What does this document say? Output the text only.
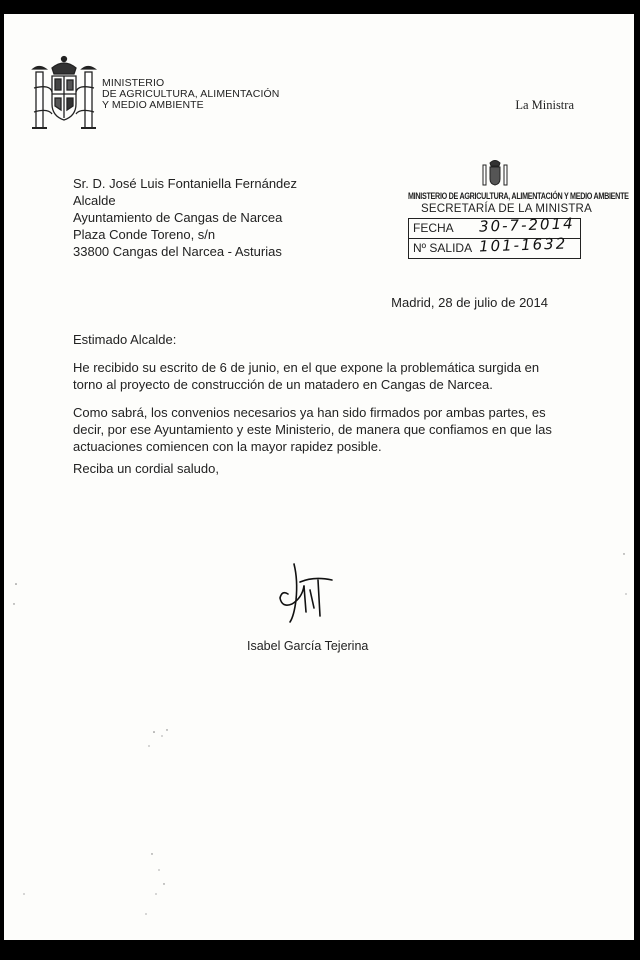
MINISTERIO
DE AGRICULTURA, ALIMENTACIÓN
Y MEDIO AMBIENTE	La Ministra
Sr. D. José Luis Fontaniella Fernández
Alcalde
Ayuntamiento de Cangas de Narcea
Plaza Conde Toreno, s/n
33800 Cangas del Narcea - Asturias
MINISTERIO DE AGRICULTURA, ALIMENTACIÓN Y MEDIO AMBIENTE
SECRETARÍA DE LA MINISTRA
FECHA 30-7-2014
Nº SALIDA 101-1632
Madrid, 28 de julio de 2014
Estimado Alcalde:
He recibido su escrito de 6 de junio, en el que expone la problemática surgida en torno al proyecto de construcción de un matadero en Cangas de Narcea.
Como sabrá, los convenios necesarios ya han sido firmados por ambas partes, es decir, por ese Ayuntamiento y este Ministerio, de manera que confiamos en que las actuaciones comiencen con la mayor rapidez posible.
Reciba un cordial saludo,
Isabel García Tejerina
